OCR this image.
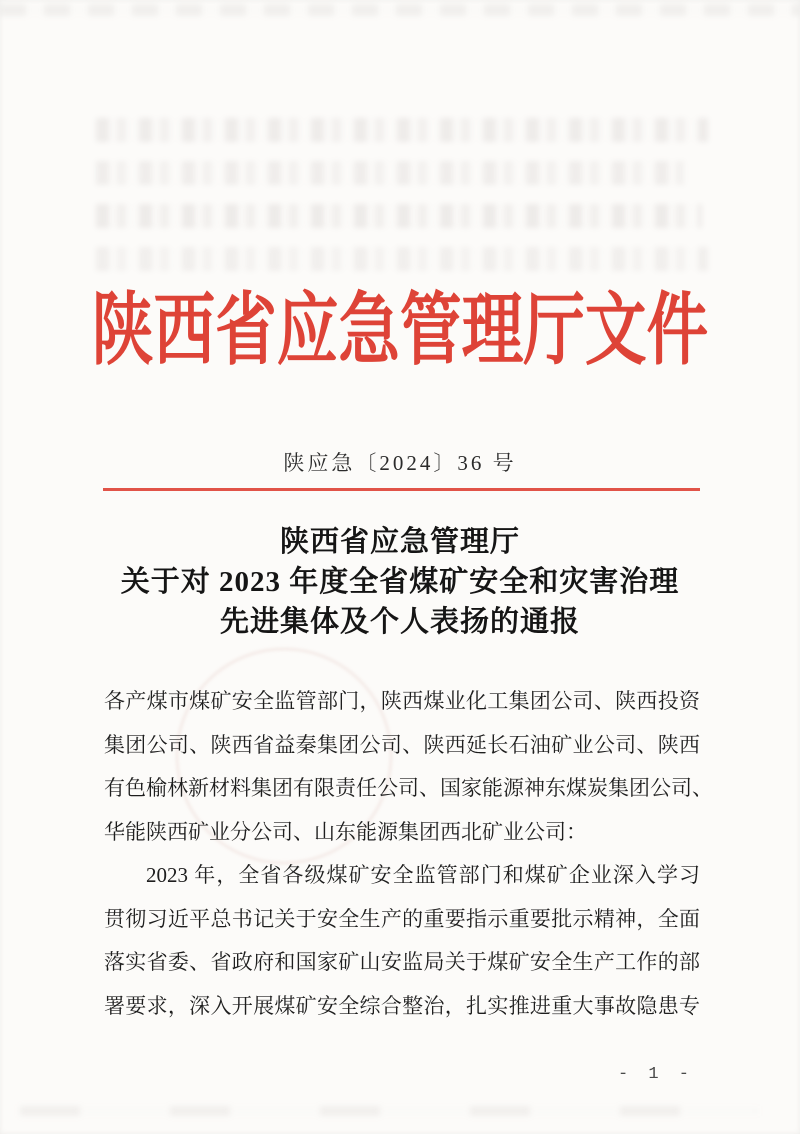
陕西省应急管理厅文件
陕应急〔2024〕36 号
陕西省应急管理厅
关于对 2023 年度全省煤矿安全和灾害治理
先进集体及个人表扬的通报
各产煤市煤矿安全监管部门，陕西煤业化工集团公司、陕西投资
集团公司、陕西省益秦集团公司、陕西延长石油矿业公司、陕西
有色榆林新材料集团有限责任公司、国家能源神东煤炭集团公司、
华能陕西矿业分公司、山东能源集团西北矿业公司：
2023 年，全省各级煤矿安全监管部门和煤矿企业深入学习
贯彻习近平总书记关于安全生产的重要指示重要批示精神，全面
落实省委、省政府和国家矿山安监局关于煤矿安全生产工作的部
署要求，深入开展煤矿安全综合整治，扎实推进重大事故隐患专
- 1 -
